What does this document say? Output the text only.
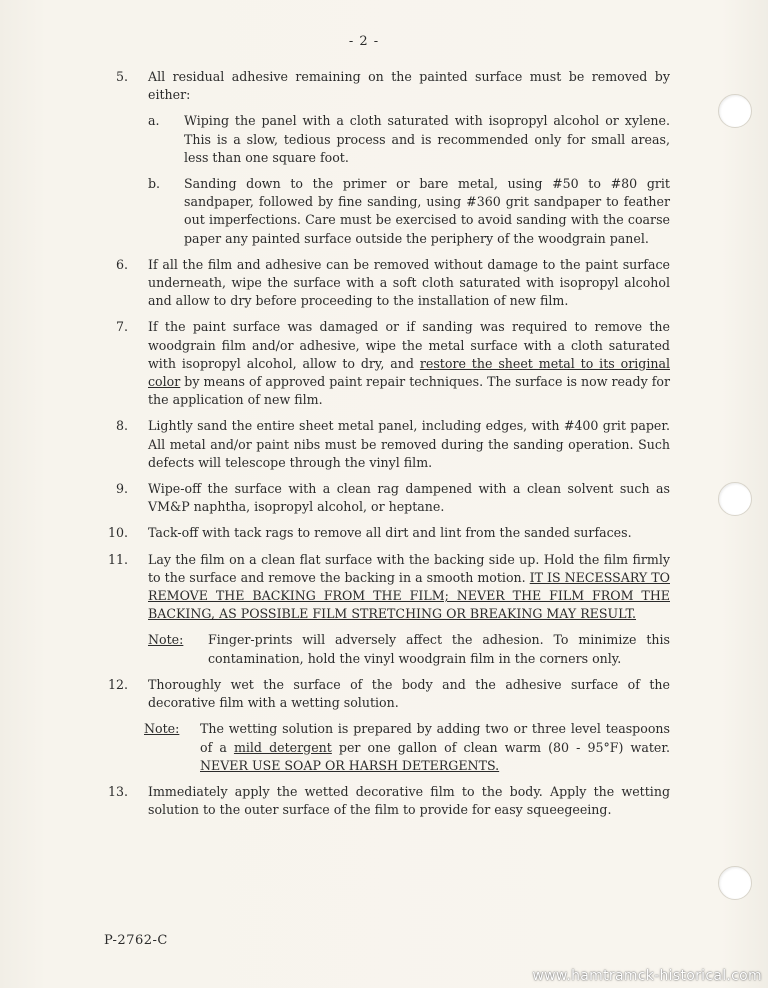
- 2 -
5. All residual adhesive remaining on the painted surface must be removed by either:
a. Wiping the panel with a cloth saturated with isopropyl alcohol or xylene. This is a slow, tedious process and is recommended only for small areas, less than one square foot.
b. Sanding down to the primer or bare metal, using #50 to #80 grit sandpaper, followed by fine sanding, using #360 grit sandpaper to feather out imperfections. Care must be exercised to avoid sanding with the coarse paper any painted surface outside the periphery of the woodgrain panel.
6. If all the film and adhesive can be removed without damage to the paint surface underneath, wipe the surface with a soft cloth saturated with isopropyl alcohol and allow to dry before proceeding to the installation of new film.
7. If the paint surface was damaged or if sanding was required to remove the woodgrain film and/or adhesive, wipe the metal surface with a cloth saturated with isopropyl alcohol, allow to dry, and restore the sheet metal to its original color by means of approved paint repair techniques. The surface is now ready for the application of new film.
8. Lightly sand the entire sheet metal panel, including edges, with #400 grit paper. All metal and/or paint nibs must be removed during the sanding operation. Such defects will telescope through the vinyl film.
9. Wipe-off the surface with a clean rag dampened with a clean solvent such as VM&P naphtha, isopropyl alcohol, or heptane.
10. Tack-off with tack rags to remove all dirt and lint from the sanded surfaces.
11. Lay the film on a clean flat surface with the backing side up. Hold the film firmly to the surface and remove the backing in a smooth motion. IT IS NECESSARY TO REMOVE THE BACKING FROM THE FILM; NEVER THE FILM FROM THE BACKING, AS POSSIBLE FILM STRETCHING OR BREAKING MAY RESULT.
Note: Finger-prints will adversely affect the adhesion. To minimize this contamination, hold the vinyl woodgrain film in the corners only.
12. Thoroughly wet the surface of the body and the adhesive surface of the decorative film with a wetting solution.
Note: The wetting solution is prepared by adding two or three level teaspoons of a mild detergent per one gallon of clean warm (80 - 95°F) water. NEVER USE SOAP OR HARSH DETERGENTS.
13. Immediately apply the wetted decorative film to the body. Apply the wetting solution to the outer surface of the film to provide for easy squeegeeing.
P-2762-C
www.hamtramck-historical.com
